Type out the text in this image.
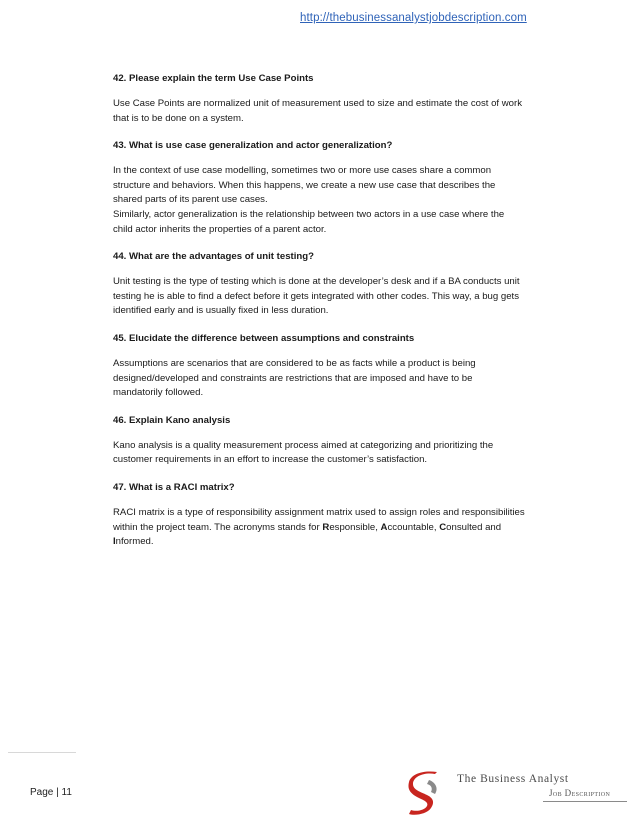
http://thebusinessanalystjobdescription.com
42. Please explain the term Use Case Points
Use Case Points are normalized unit of measurement used to size and estimate the cost of work
that is to be done on a system.
43. What is use case generalization and actor generalization?
In the context of use case modelling, sometimes two or more use cases share a common
structure and behaviors. When this happens, we create a new use case that describes the
shared parts of its parent use cases.
Similarly, actor generalization is the relationship between two actors in a use case where the
child actor inherits the properties of a parent actor.
44. What are the advantages of unit testing?
Unit testing is the type of testing which is done at the developer’s desk and if a BA conducts unit
testing he is able to find a defect before it gets integrated with other codes. This way, a bug gets
identified early and is usually fixed in less duration.
45. Elucidate the difference between assumptions and constraints
Assumptions are scenarios that are considered to be as facts while a product is being
designed/developed and constraints are restrictions that are imposed and have to be
mandatorily followed.
46. Explain Kano analysis
Kano analysis is a quality measurement process aimed at categorizing and prioritizing the
customer requirements in an effort to increase the customer’s satisfaction.
47. What is a RACI matrix?
RACI matrix is a type of responsibility assignment matrix used to assign roles and responsibilities
within the project team. The acronyms stands for Responsible, Accountable, Consulted and
Informed.
Page | 11
The Business Analyst
Job Description
